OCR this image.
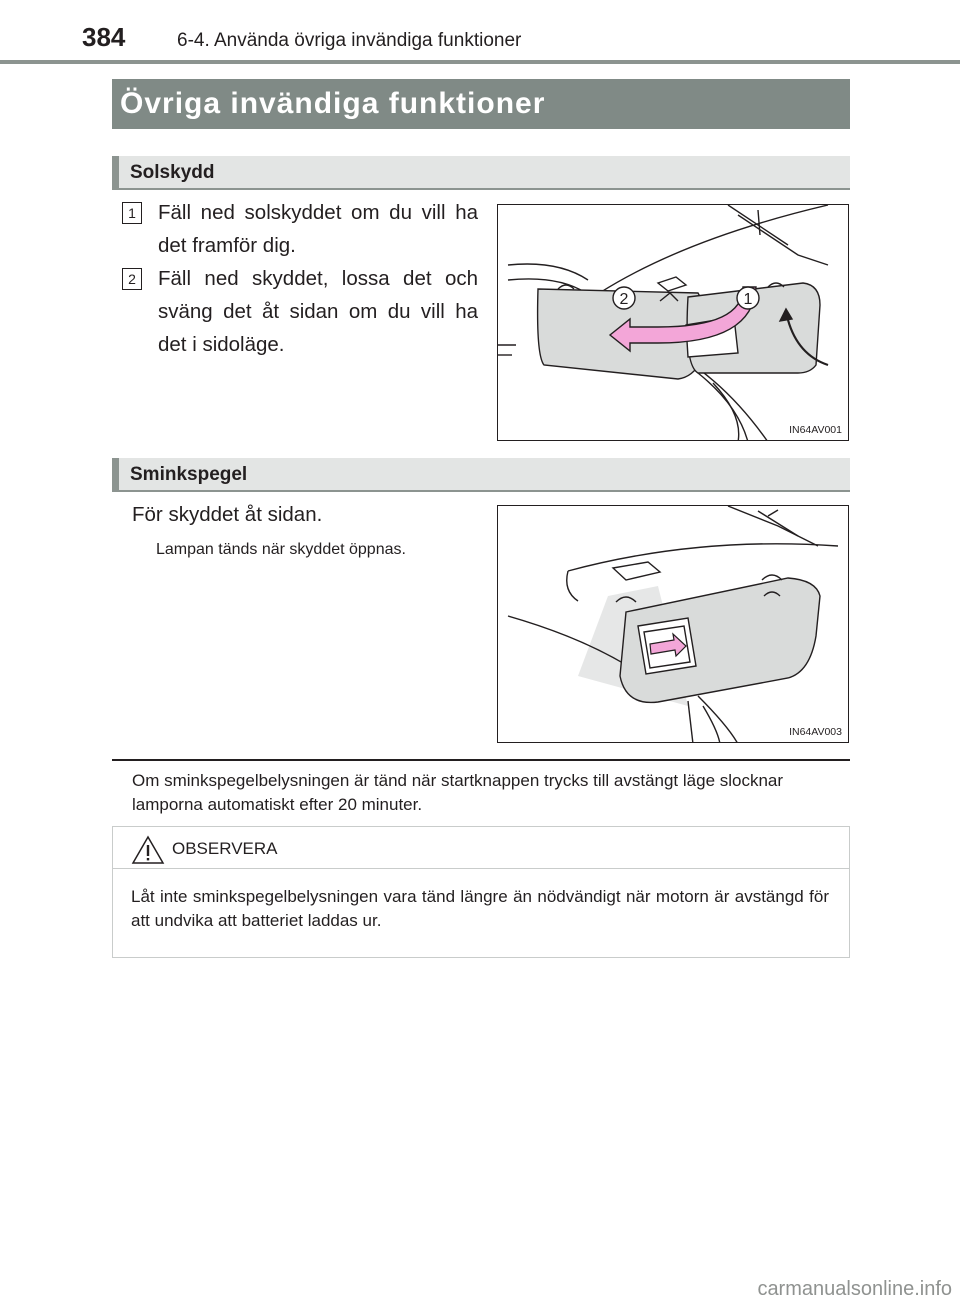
384	6-4. Använda övriga invändiga funktioner
Övriga invändiga funktioner
Solskydd
1 Fäll ned solskyddet om du vill ha det framför dig.
2 Fäll ned skyddet, lossa det och sväng det åt sidan om du vill ha det i sidoläge.
2	1
IN64AV001
Sminkspegel
För skyddet åt sidan.
Lampan tänds när skyddet öppnas.
IN64AV003
Om sminkspegelbelysningen är tänd när startknappen trycks till avstängt läge slocknar lamporna automatiskt efter 20 minuter.
OBSERVERA
Låt inte sminkspegelbelysningen vara tänd längre än nödvändigt när motorn är avstängd för att undvika att batteriet laddas ur.
carmanualsonline.info
